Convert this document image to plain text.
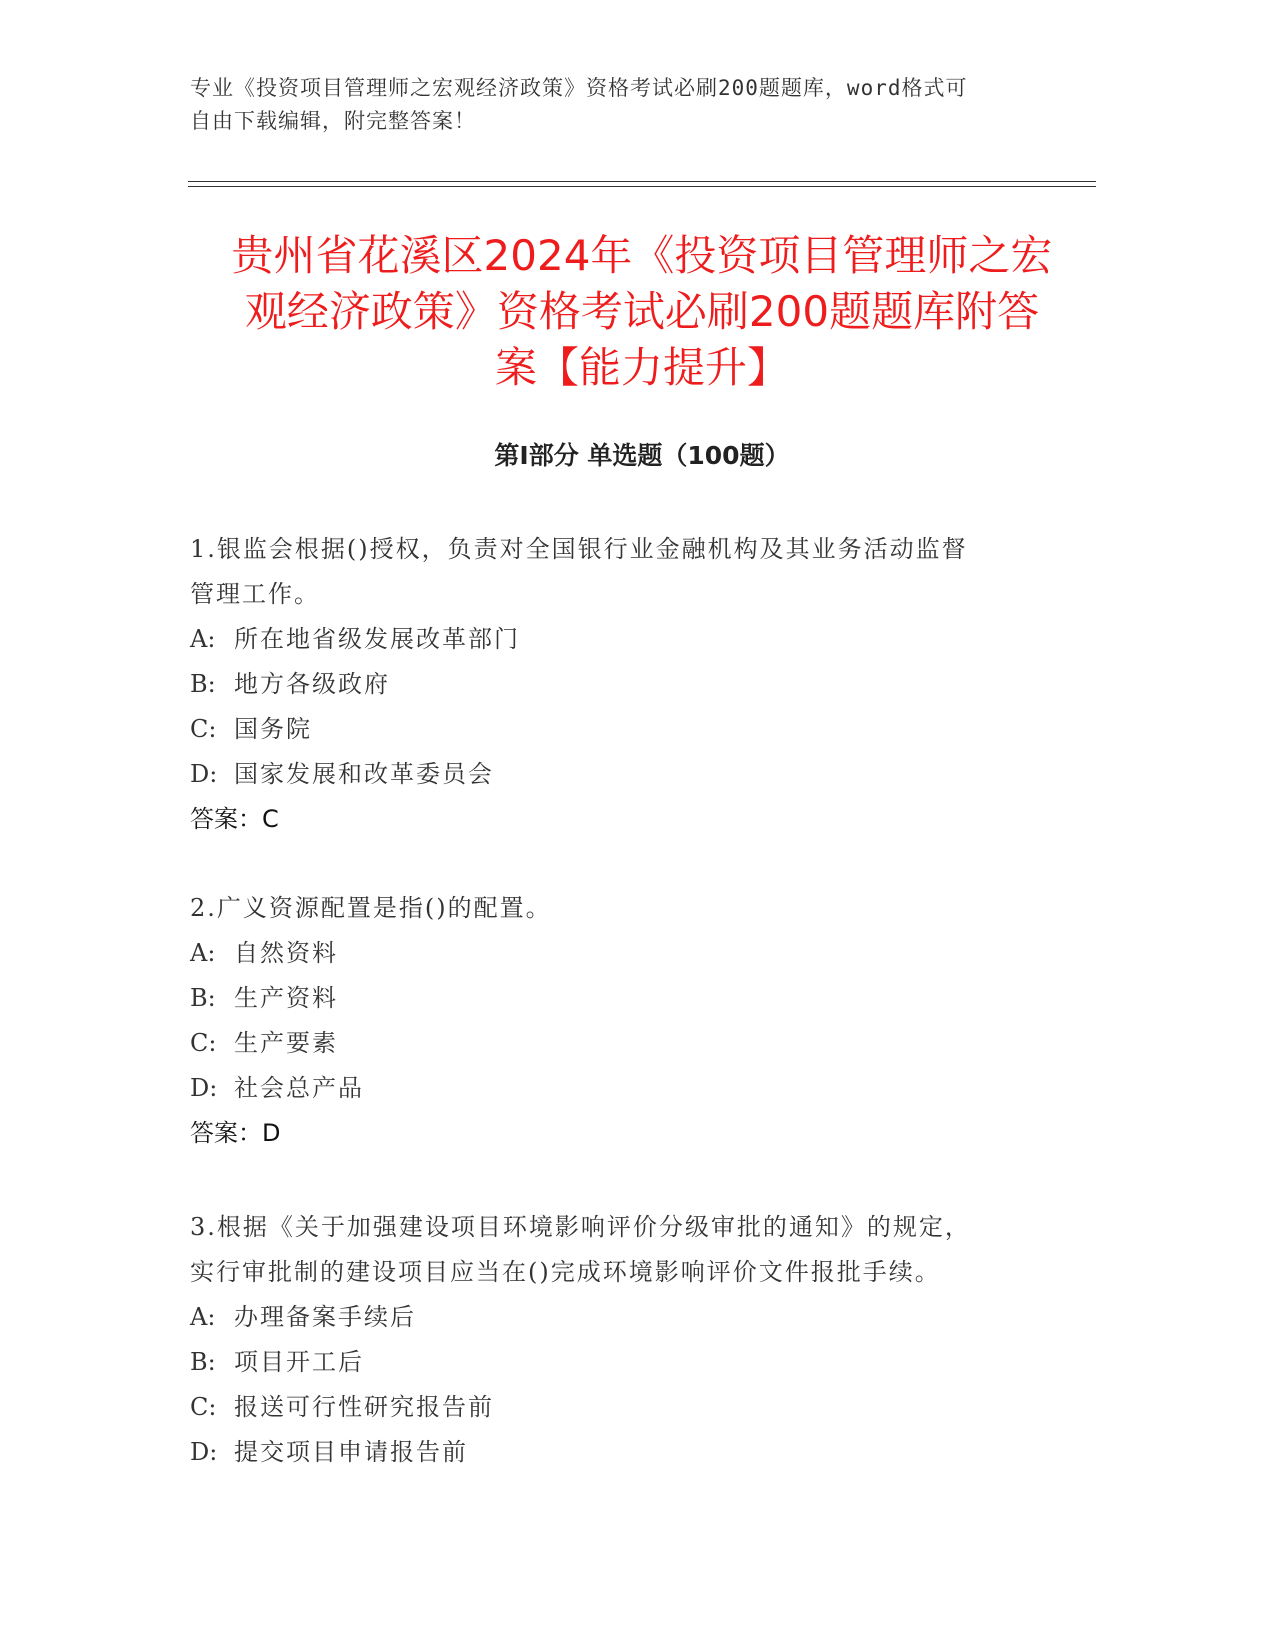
专业《投资项目管理师之宏观经济政策》资格考试必刷200题题库，word格式可
自由下载编辑，附完整答案！
贵州省花溪区2024年《投资项目管理师之宏
观经济政策》资格考试必刷200题题库附答
案【能力提升】
第Ⅰ部分 单选题（100题）

1.银监会根据()授权，负责对全国银行业金融机构及其业务活动监督

管理工作。

A: 所在地省级发展改革部门

B: 地方各级政府

C: 国务院

D: 国家发展和改革委员会

答案：C

2.广义资源配置是指()的配置。

A: 自然资料

B: 生产资料

C: 生产要素

D: 社会总产品

答案：D

3.根据《关于加强建设项目环境影响评价分级审批的通知》的规定，

实行审批制的建设项目应当在()完成环境影响评价文件报批手续。

A: 办理备案手续后

B: 项目开工后

C: 报送可行性研究报告前

D: 提交项目申请报告前
